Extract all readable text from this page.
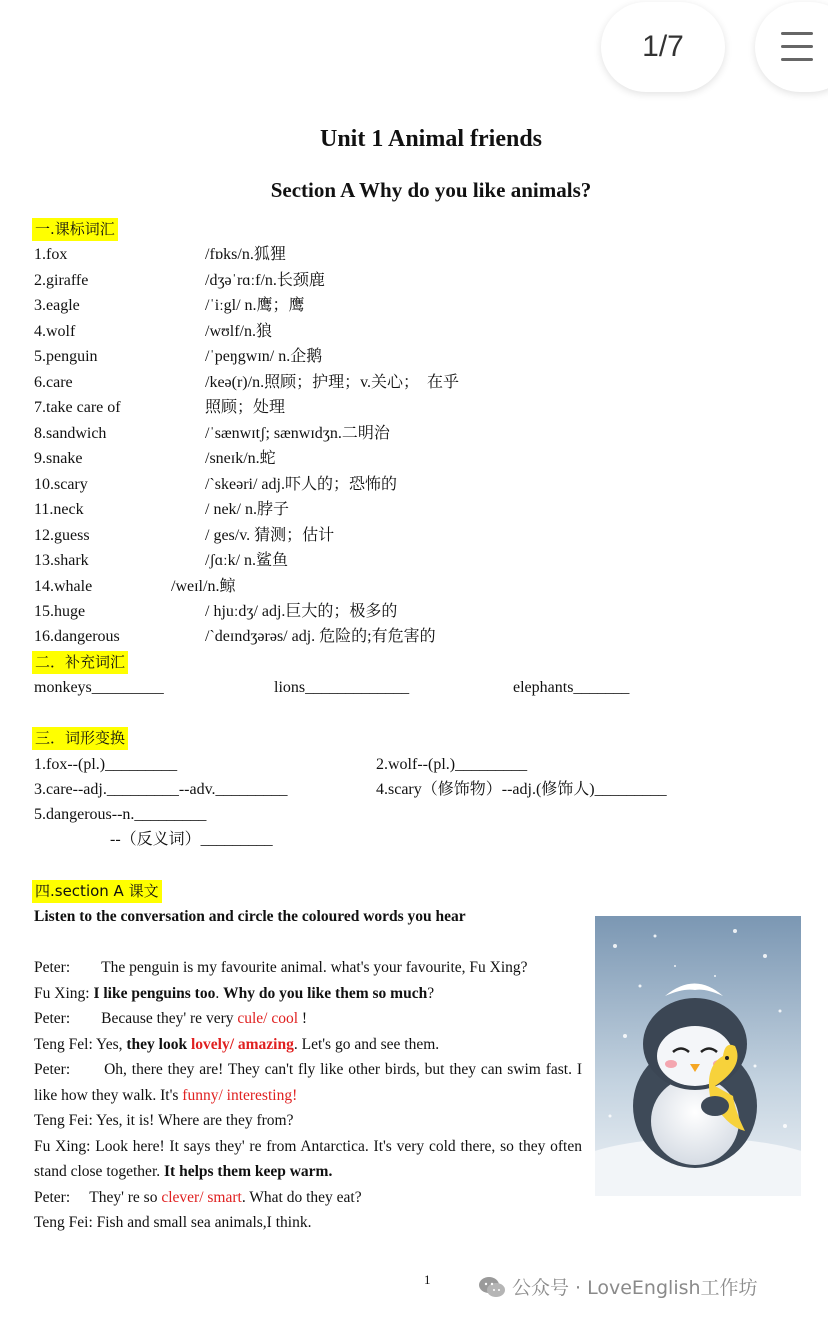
1/7
Unit 1 Animal friends
Section A Why do you like animals?
一.课标词汇
1.fox	/fɒks/n.狐狸
2.giraffe	/dʒəˈrɑːf/n.长颈鹿
3.eagle	/ˈiːgl/ n.鹰；鹰
4.wolf	/wʊlf/n.狼
5.penguin	/ˈpeŋgwɪn/ n.企鹅
6.care	/keə(r)/n.照顾；护理；v.关心；　在乎
7.take care of	照顾；处理
8.sandwich	/ˈsænwɪtʃ; sænwɪdʒn.二明治
9.snake	/sneɪk/n.蛇
10.scary	/ˋskeəri/ adj.吓人的；恐怖的
11.neck	/ nek/ n.脖子
12.guess	/ ges/v. 猜测；估计
13.shark	/ʃɑːk/ n.鲨鱼
14.whale	/weɪl/n.鲸
15.huge	/ hjuːdʒ/ adj.巨大的；极多的
16.dangerous	/ˋdeɪndʒərəs/ adj. 危险的;有危害的
二．补充词汇
monkeys_________	lions_____________	elephants_______
三．词形变换
1.fox--(pl.)_________	2.wolf--(pl.)_________
3.care--adj._________--adv._________	4.scary（修饰物）--adj.(修饰人)_________
5.dangerous--n._________
--（反义词）_________
四.section A 课文
Listen to the conversation and circle the coloured words you hear
Peter:　　The penguin is my favourite animal. what's your favourite, Fu Xing?
Fu Xing: I like penguins too. Why do you like them so much?
Peter:　　Because they' re very cule/ cool !
Teng Fel: Yes, they look lovely/ amazing. Let's go and see them.
Peter:　　Oh, there they are! They can't fly like other birds, but they can swim fast. I like how they walk. It's funny/ interesting!
Teng Fei: Yes, it is! Where are they from?
Fu Xing: Look here! It says they' re from Antarctica. It's very cold there, so they often stand close together. It helps them keep warm.
Peter:　 They' re so clever/ smart. What do they eat?
Teng Fei: Fish and small sea animals,I think.
1	公众号 · LoveEnglish工作坊
